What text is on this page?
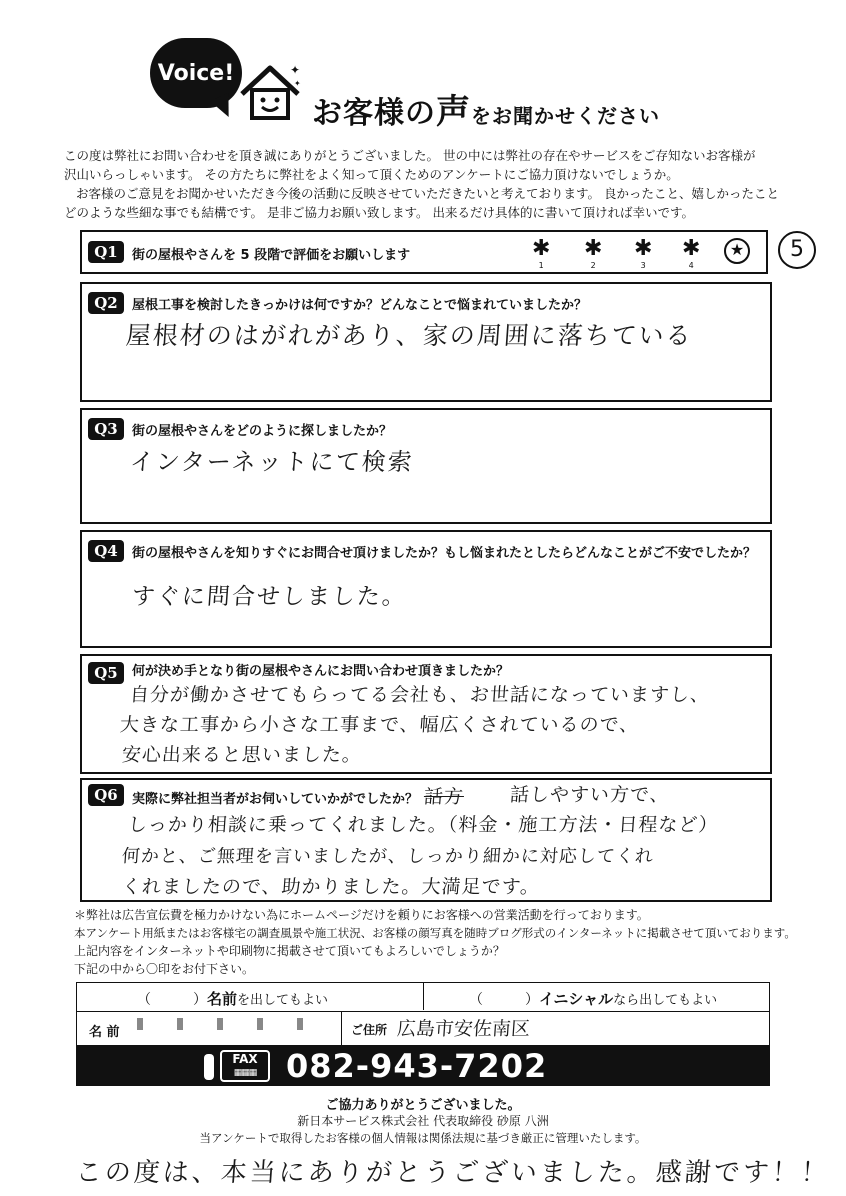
Voice!	✦
✦
お客様の声をお聞かせください
この度は弊社にお問い合わせを頂き誠にありがとうございました。 世の中には弊社の存在やサービスをご存知ないお客様が
沢山いらっしゃいます。 その方たちに弊社をよく知って頂くためのアンケートにご協力頂けないでしょうか。
お客様のご意見をお聞かせいただき今後の活動に反映させていただきたいと考えております。 良かったこと、嬉しかったこと
どのような些細な事でも結構です。 是非ご協力お願い致します。 出来るだけ具体的に書いて頂ければ幸いです。
Q1	街の屋根やさんを 5 段階で評価をお願いします	✱
1
✱
2
✱
3
✱
4
★	5
Q2	屋根工事を検討したきっかけは何ですか？どんなことで悩まれていましたか？
屋根材のはがれがあり、家の周囲に落ちている
Q3	街の屋根やさんをどのように探しましたか？
インターネットにて検索
Q4	街の屋根やさんを知りすぐにお問合せ頂けましたか？もし悩まれたとしたらどんなことがご不安でしたか？
すぐに問合せしました。
Q5	何が決め手となり街の屋根やさんにお問い合わせ頂きましたか？
自分が働かさせてもらってる会社も、お世話になっていますし、
大きな工事から小さな工事まで、幅広くされているので、
安心出来ると思いました。
Q6	実際に弊社担当者がお伺いしていかがでしたか？ 話方 話しやすい方で、
しっかり相談に乗ってくれました。（料金・施工方法・日程など）
何かと、ご無理を言いましたが、しっかり細かに対応してくれ
くれましたので、助かりました。大満足です。
＊弊社は広告宣伝費を極力かけない為にホームページだけを頼りにお客様への営業活動を行っております。
本アンケート用紙またはお客様宅の調査風景や施工状況、お客様の顔写真を随時ブログ形式のインターネットに掲載させて頂いております。
上記内容をインターネットや印刷物に掲載させて頂いてもよろしいでしょうか？
下記の中から〇印をお付下さい。
（　　　）名前を出してもよい	（　　　）イニシャルなら出してもよい
名 前	ご住所 広島市安佐南区
FAX
▦▦▦ 082-943-7202
ご協力ありがとうございました。
新日本サービス株式会社 代表取締役 砂原 八洲
当アンケートで取得したお客様の個人情報は関係法規に基づき厳正に管理いたします。
この度は、本当にありがとうございました。感謝です！！
